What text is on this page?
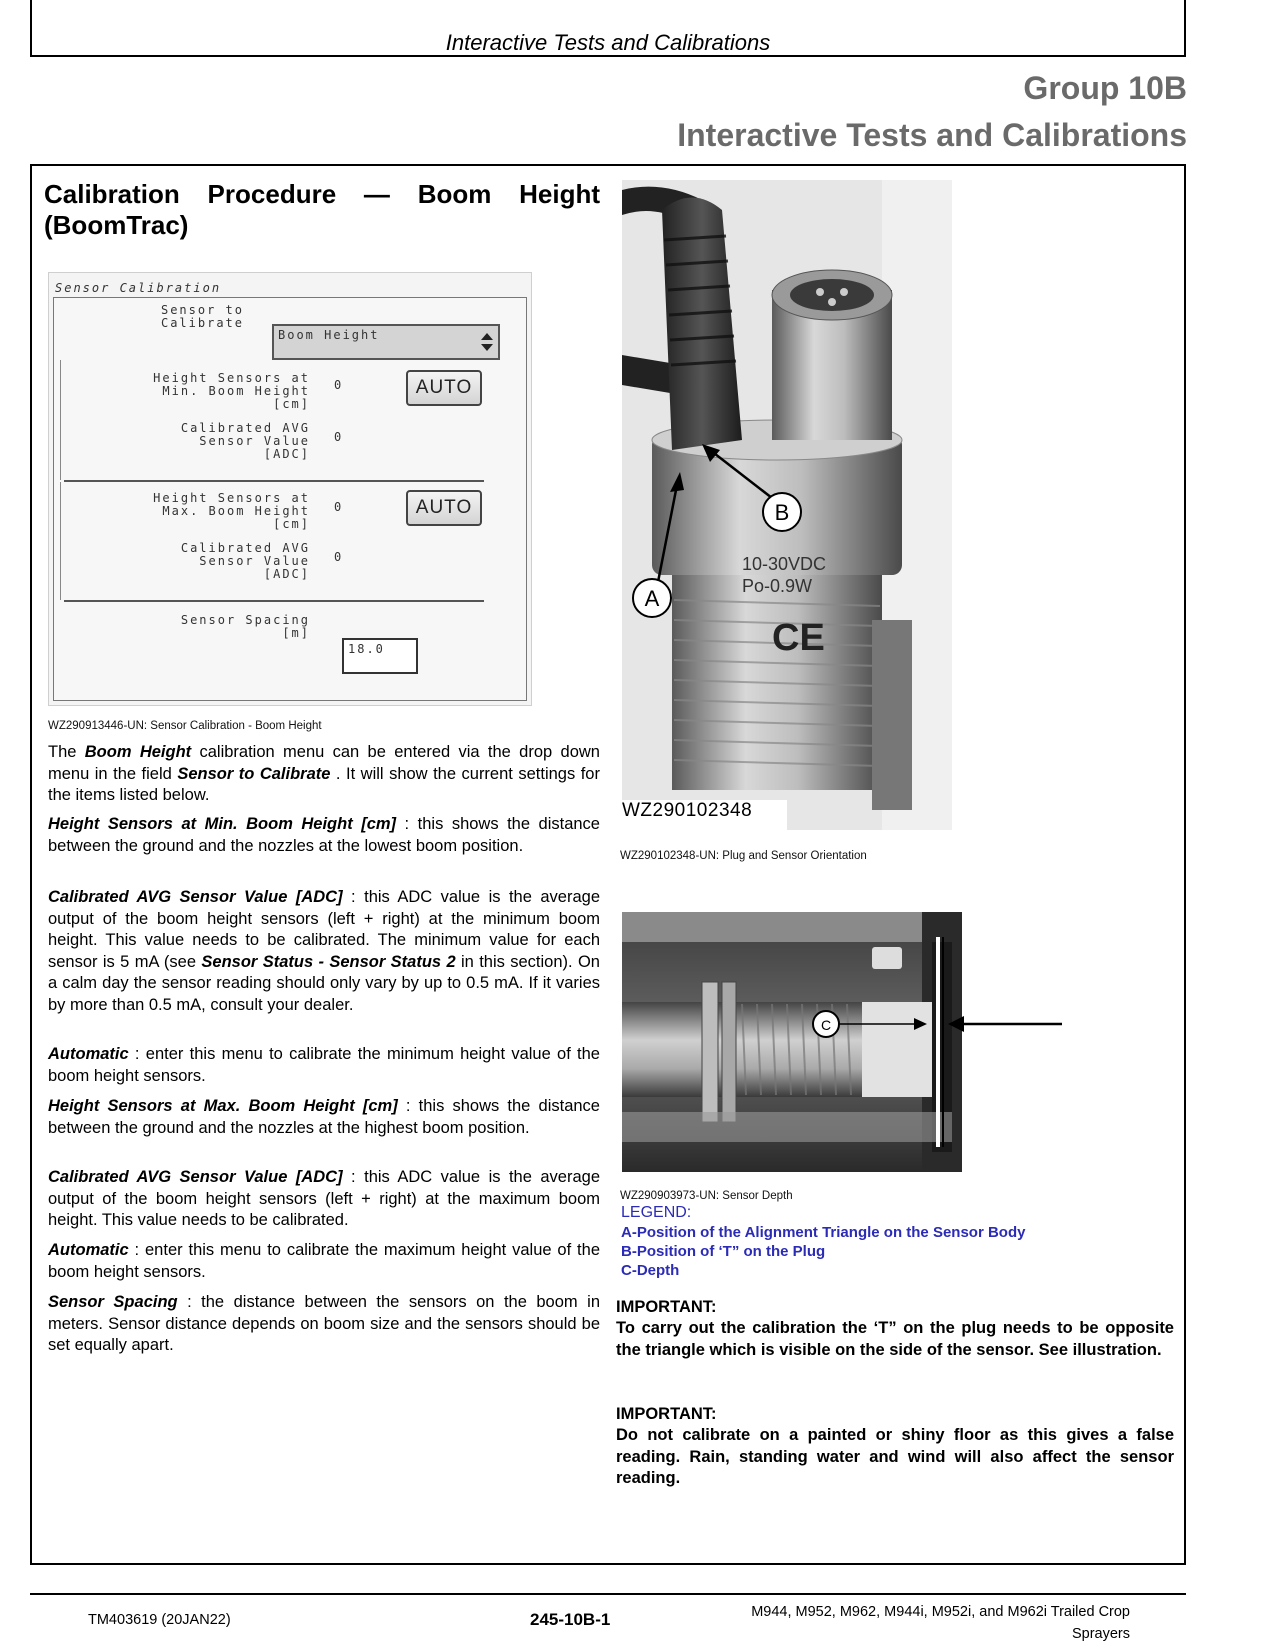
Interactive Tests and Calibrations
Group 10B
Interactive Tests and Calibrations
Calibration Procedure — Boom Height
(BoomTrac)
Sensor Calibration
Sensor to
Calibrate
Boom Height
Height Sensors at
Min. Boom Height
[cm]
0	AUTO
Calibrated AVG
Sensor Value
[ADC]
0
Height Sensors at
Max. Boom Height
[cm]
0	AUTO
Calibrated AVG
Sensor Value
[ADC]
0
Sensor Spacing
[m]
18.0
WZ290913446-UN: Sensor Calibration - Boom Height
The Boom Height calibration menu can be entered via the drop down menu in the field Sensor to Calibrate . It will show the current settings for the items listed below.
Height Sensors at Min. Boom Height [cm] : this shows the distance between the ground and the nozzles at the lowest boom position.
Calibrated AVG Sensor Value [ADC] : this ADC value is the average output of the boom height sensors (left + right) at the minimum boom height. This value needs to be calibrated. The minimum value for each sensor is 5 mA (see Sensor Status - Sensor Status 2 in this section). On a calm day the sensor reading should only vary by up to 0.5 mA. If it varies by more than 0.5 mA, consult your dealer.
Automatic : enter this menu to calibrate the minimum height value of the boom height sensors.
Height Sensors at Max. Boom Height [cm] : this shows the distance between the ground and the nozzles at the highest boom position.
Calibrated AVG Sensor Value [ADC] : this ADC value is the average output of the boom height sensors (left + right) at the maximum boom height. This value needs to be calibrated.
Automatic : enter this menu to calibrate the maximum height value of the boom height sensors.
Sensor Spacing : the distance between the sensors on the boom in meters. Sensor distance depends on boom size and the sensors should be set equally apart.
10-30VDC
Po-0.9W
CE
A
B
WZ290102348
WZ290102348-UN: Plug and Sensor Orientation
C
WZ290903973-UN: Sensor Depth
LEGEND:
A-Position of the Alignment Triangle on the Sensor Body
B-Position of ‘T” on the Plug
C-Depth
IMPORTANT:
To carry out the calibration the ‘T” on the plug needs to be opposite the triangle which is visible on the side of the sensor. See illustration.
IMPORTANT:
Do not calibrate on a painted or shiny floor as this gives a false reading. Rain, standing water and wind will also affect the sensor reading.
TM403619 (20JAN22)	245-10B-1	M944, M952, M962, M944i, M952i, and M962i Trailed Crop
Sprayers
